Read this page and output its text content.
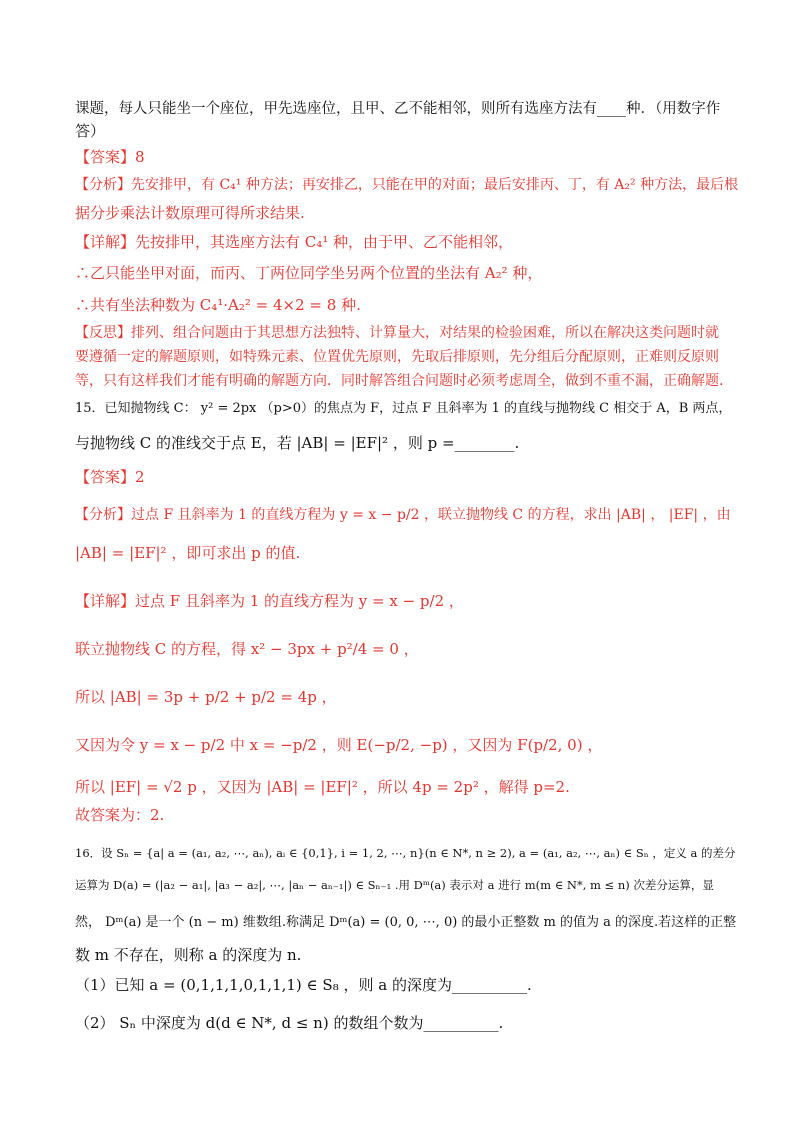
课题，每人只能坐一个座位，甲先选座位，且甲、乙不能相邻，则所有选座方法有____种．（用数字作
答）
【答案】8
【分析】先安排甲，有 C₄¹ 种方法；再安排乙，只能在甲的对面；最后安排丙、丁，有 A₂² 种方法，最后根
据分步乘法计数原理可得所求结果.
【详解】先按排甲，其选座方法有 C₄¹ 种，由于甲、乙不能相邻，
∴乙只能坐甲对面，而丙、丁两位同学坐另两个位置的坐法有 A₂² 种，
∴共有坐法种数为 C₄¹·A₂² = 4×2 = 8 种.
【反思】排列、组合问题由于其思想方法独特、计算量大，对结果的检验困难，所以在解决这类问题时就
要遵循一定的解题原则，如特殊元素、位置优先原则，先取后排原则，先分组后分配原则，正难则反原则
等，只有这样我们才能有明确的解题方向．同时解答组合问题时必须考虑周全，做到不重不漏，正确解题.
15．已知抛物线 C： y² = 2px （p>0）的焦点为 F，过点 F 且斜率为 1 的直线与抛物线 C 相交于 A，B 两点，
与抛物线 C 的准线交于点 E，若 |AB| = |EF|² ，则 p =________.
【答案】2
【分析】过点 F 且斜率为 1 的直线方程为 y = x − p/2 ，联立抛物线 C 的方程，求出 |AB| ， |EF| ，由
|AB| = |EF|² ，即可求出 p 的值.
【详解】过点 F 且斜率为 1 的直线方程为 y = x − p/2 ，
联立抛物线 C 的方程，得 x² − 3px + p²/4 = 0 ，
所以 |AB| = 3p + p/2 + p/2 = 4p ，
又因为令 y = x − p/2 中 x = −p/2 ，则 E(−p/2, −p) ，又因为 F(p/2, 0) ，
所以 |EF| = √2 p ，又因为 |AB| = |EF|² ，所以 4p = 2p² ，解得 p=2.
故答案为：2.
16．设 Sₙ = {a| a = (a₁, a₂, ⋯, aₙ), aᵢ ∈ {0,1}, i = 1, 2, ⋯, n}(n ∈ N*, n ≥ 2), a = (a₁, a₂, ⋯, aₙ) ∈ Sₙ ，定义 a 的差分
运算为 D(a) = (|a₂ − a₁|, |a₃ − a₂|, ⋯, |aₙ − aₙ₋₁|) ∈ Sₙ₋₁ .用 Dᵐ(a) 表示对 a 进行 m(m ∈ N*, m ≤ n) 次差分运算，显
然， Dᵐ(a) 是一个 (n − m) 维数组.称满足 Dᵐ(a) = (0, 0, ⋯, 0) 的最小正整数 m 的值为 a 的深度.若这样的正整
数 m 不存在，则称 a 的深度为 n.
（1）已知 a = (0,1,1,1,0,1,1,1) ∈ S₈ ，则 a 的深度为__________.
（2） Sₙ 中深度为 d(d ∈ N*, d ≤ n) 的数组个数为__________.
